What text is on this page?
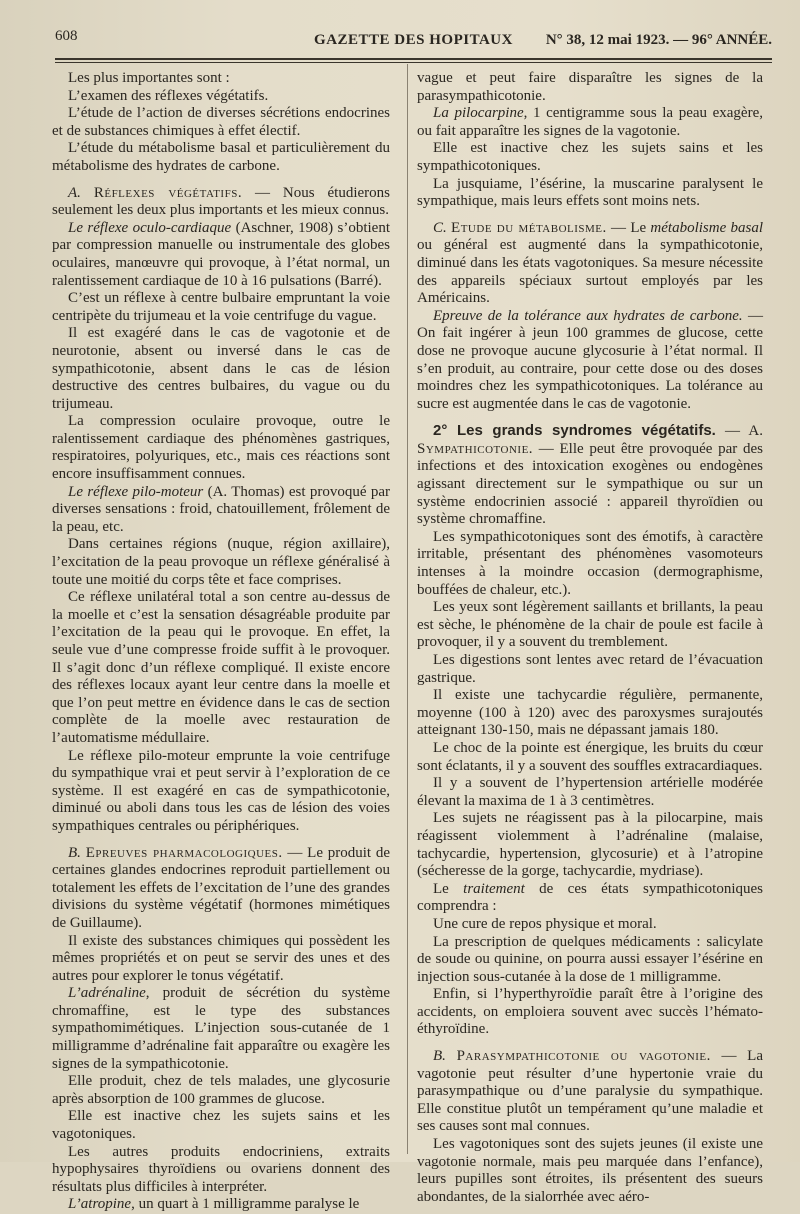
608	GAZETTE DES HOPITAUX	N° 38, 12 mai 1923. — 96° ANNÉE.

Les plus importantes sont :

L’examen des réflexes végétatifs.

L’étude de l’action de diverses sécrétions endocrines et de substances chimiques à effet électif.

L’étude du métabolisme basal et particulièrement du métabolisme des hydrates de carbone.

A. Réflexes végétatifs. — Nous étudierons seulement les deux plus importants et les mieux connus.

Le réflexe oculo-cardiaque (Aschner, 1908) s’obtient par compression manuelle ou instrumentale des globes oculaires, manœuvre qui provoque, à l’état normal, un ralentissement cardiaque de 10 à 16 pulsations (Barré).

C’est un réflexe à centre bulbaire empruntant la voie centripète du trijumeau et la voie centrifuge du vague.

Il est exagéré dans le cas de vagotonie et de neurotonie, absent ou inversé dans le cas de sympathicotonie, absent dans le cas de lésion destructive des centres bulbaires, du vague ou du trijumeau.

La compression oculaire provoque, outre le ralentissement cardiaque des phénomènes gastriques, respiratoires, polyuriques, etc., mais ces réactions sont encore insuffisamment connues.

Le réflexe pilo-moteur (A. Thomas) est provoqué par diverses sensations : froid, chatouillement, frôlement de la peau, etc.

Dans certaines régions (nuque, région axillaire), l’excitation de la peau provoque un réflexe généralisé à toute une moitié du corps tête et face comprises.

Ce réflexe unilatéral total a son centre au-dessus de la moelle et c’est la sensation désagréable produite par l’excitation de la peau qui le provoque. En effet, la seule vue d’une compresse froide suffit à le provoquer. Il s’agit donc d’un réflexe compliqué. Il existe encore des réflexes locaux ayant leur centre dans la moelle et que l’on peut mettre en évidence dans le cas de section complète de la moelle avec restauration de l’automatisme médullaire.

Le réflexe pilo-moteur emprunte la voie centrifuge du sympathique vrai et peut servir à l’exploration de ce système. Il est exagéré en cas de sympathicotonie, diminué ou aboli dans tous les cas de lésion des voies sympathiques centrales ou périphériques.

B. Epreuves pharmacologiques. — Le produit de certaines glandes endocrines reproduit partiellement ou totalement les effets de l’excitation de l’une des grandes divisions du système végétatif (hormones mimétiques de Guillaume).

Il existe des substances chimiques qui possèdent les mêmes propriétés et on peut se servir des unes et des autres pour explorer le tonus végétatif.

L’adrénaline, produit de sécrétion du système chromaffine, est le type des substances sympathomimétiques. L’injection sous-cutanée de 1 milligramme d’adrénaline fait apparaître ou exagère les signes de la sympathicotonie.

Elle produit, chez de tels malades, une glycosurie après absorption de 100 grammes de glucose.

Elle est inactive chez les sujets sains et les vagotoniques.

Les autres produits endocriniens, extraits hypophysaires thyroïdiens ou ovariens donnent des résultats plus difficiles à interpréter.

L’atropine, un quart à 1 milligramme paralyse le

vague et peut faire disparaître les signes de la parasympathicotonie.

La pilocarpine, 1 centigramme sous la peau exagère, ou fait apparaître les signes de la vagotonie.

Elle est inactive chez les sujets sains et les sympathicotoniques.

La jusquiame, l’ésérine, la muscarine paralysent le sympathique, mais leurs effets sont moins nets.

C. Etude du métabolisme. — Le métabolisme basal ou général est augmenté dans la sympathicotonie, diminué dans les états vagotoniques. Sa mesure nécessite des appareils spéciaux surtout employés par les Américains.

Epreuve de la tolérance aux hydrates de carbone. — On fait ingérer à jeun 100 grammes de glucose, cette dose ne provoque aucune glycosurie à l’état normal. Il s’en produit, au contraire, pour cette dose ou des doses moindres chez les sympathicotoniques. La tolérance au sucre est augmentée dans le cas de vagotonie.

2° Les grands syndromes végétatifs. — A. Sympathicotonie. — Elle peut être provoquée par des infections et des intoxication exogènes ou endogènes agissant directement sur le sympathique ou sur un système endocrinien associé : appareil thyroïdien ou système chromaffine.

Les sympathicotoniques sont des émotifs, à caractère irritable, présentant des phénomènes vasomoteurs intenses à la moindre occasion (dermographisme, bouffées de chaleur, etc.).

Les yeux sont légèrement saillants et brillants, la peau est sèche, le phénomène de la chair de poule est facile à provoquer, il y a souvent du tremblement.

Les digestions sont lentes avec retard de l’évacuation gastrique.

Il existe une tachycardie régulière, permanente, moyenne (100 à 120) avec des paroxysmes surajoutés atteignant 130-150, mais ne dépassant jamais 180.

Le choc de la pointe est énergique, les bruits du cœur sont éclatants, il y a souvent des souffles extracardiaques.

Il y a souvent de l’hypertension artérielle modérée élevant la maxima de 1 à 3 centimètres.

Les sujets ne réagissent pas à la pilocarpine, mais réagissent violemment à l’adrénaline (malaise, tachycardie, hypertension, glycosurie) et à l’atropine (sécheresse de la gorge, tachycardie, mydriase).

Le traitement de ces états sympathicotoniques comprendra :

Une cure de repos physique et moral.

La prescription de quelques médicaments : salicylate de soude ou quinine, on pourra aussi essayer l’ésérine en injection sous-cutanée à la dose de 1 milligramme.

Enfin, si l’hyperthyroïdie paraît être à l’origine des accidents, on emploiera souvent avec succès l’hémato-éthyroïdine.

B. Parasympathicotonie ou vagotonie. — La vagotonie peut résulter d’une hypertonie vraie du parasympathique ou d’une paralysie du sympathique. Elle constitue plutôt un tempérament qu’une maladie et ses causes sont mal connues.

Les vagotoniques sont des sujets jeunes (il existe une vagotonie normale, mais peu marquée dans l’enfance), leurs pupilles sont étroites, ils présentent des sueurs abondantes, de la sialorrhée avec aéro-
